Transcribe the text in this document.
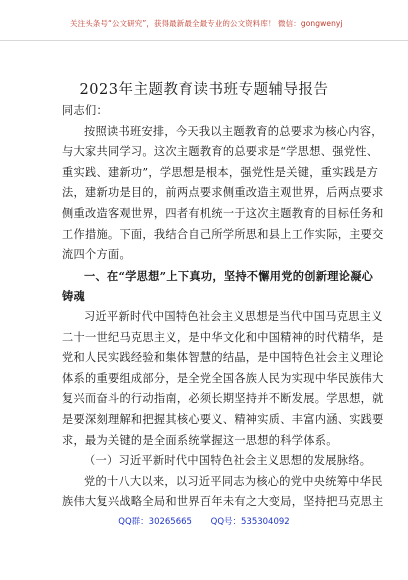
关注头条号“公文研究”，获得最新最全最专业的公文资料库！ 微信：gongwenyj
2023年主题教育读书班专题辅导报告
同志们：
按照读书班安排，今天我以主题教育的总要求为核心内容，
与大家共同学习。这次主题教育的总要求是“学思想、强党性、
重实践、建新功”，学思想是根本，强党性是关键，重实践是方
法，建新功是目的，前两点要求侧重改造主观世界，后两点要求
侧重改造客观世界，四者有机统一于这次主题教育的目标任务和
工作措施。下面，我结合自己所学所思和县上工作实际，主要交
流四个方面。
一、在“学思想”上下真功，坚持不懈用党的创新理论凝心
铸魂
习近平新时代中国特色社会主义思想是当代中国马克思主义
二十一世纪马克思主义，是中华文化和中国精神的时代精华，是
党和人民实践经验和集体智慧的结晶，是中国特色社会主义理论
体系的重要组成部分，是全党全国各族人民为实现中华民族伟大
复兴而奋斗的行动指南，必须长期坚持并不断发展。学思想，就
是要深刻理解和把握其核心要义、精神实质、丰富内涵、实践要
求，最为关键的是全面系统掌握这一思想的科学体系。
（一）习近平新时代中国特色社会主义思想的发展脉络。
党的十八大以来，以习近平同志为核心的党中央统筹中华民
族伟大复兴战略全局和世界百年未有之大变局，坚持把马克思主
QQ群：30265665 QQ号：535304092
